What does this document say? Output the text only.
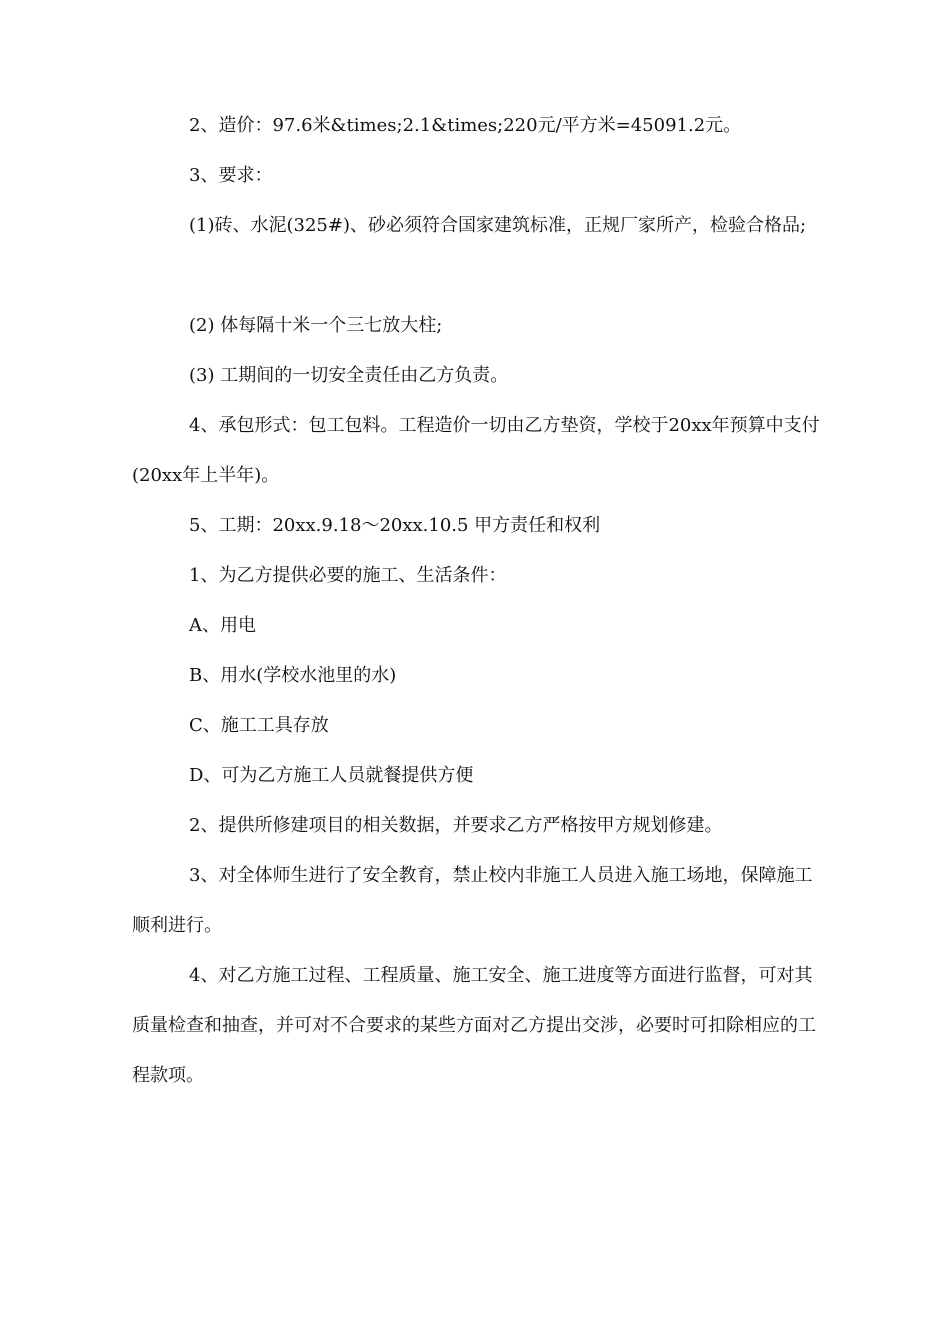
2、造价：97.6米&times;2.1&times;220元/平方米=45091.2元。

3、要求：

(1)砖、水泥(325#)、砂必须符合国家建筑标准，正规厂家所产，检验合格品;

(2) 体每隔十米一个三七放大柱;

(3) 工期间的一切安全责任由乙方负责。

4、承包形式：包工包料。工程造价一切由乙方垫资，学校于20xx年预算中支付(20xx年上半年)。

5、工期：20xx.9.18～20xx.10.5 甲方责任和权利

1、为乙方提供必要的施工、生活条件：

A、用电

B、用水(学校水池里的水)

C、施工工具存放

D、可为乙方施工人员就餐提供方便

2、提供所修建项目的相关数据，并要求乙方严格按甲方规划修建。

3、对全体师生进行了安全教育，禁止校内非施工人员进入施工场地，保障施工顺利进行。

4、对乙方施工过程、工程质量、施工安全、施工进度等方面进行监督，可对其质量检查和抽查，并可对不合要求的某些方面对乙方提出交涉，必要时可扣除相应的工程款项。
